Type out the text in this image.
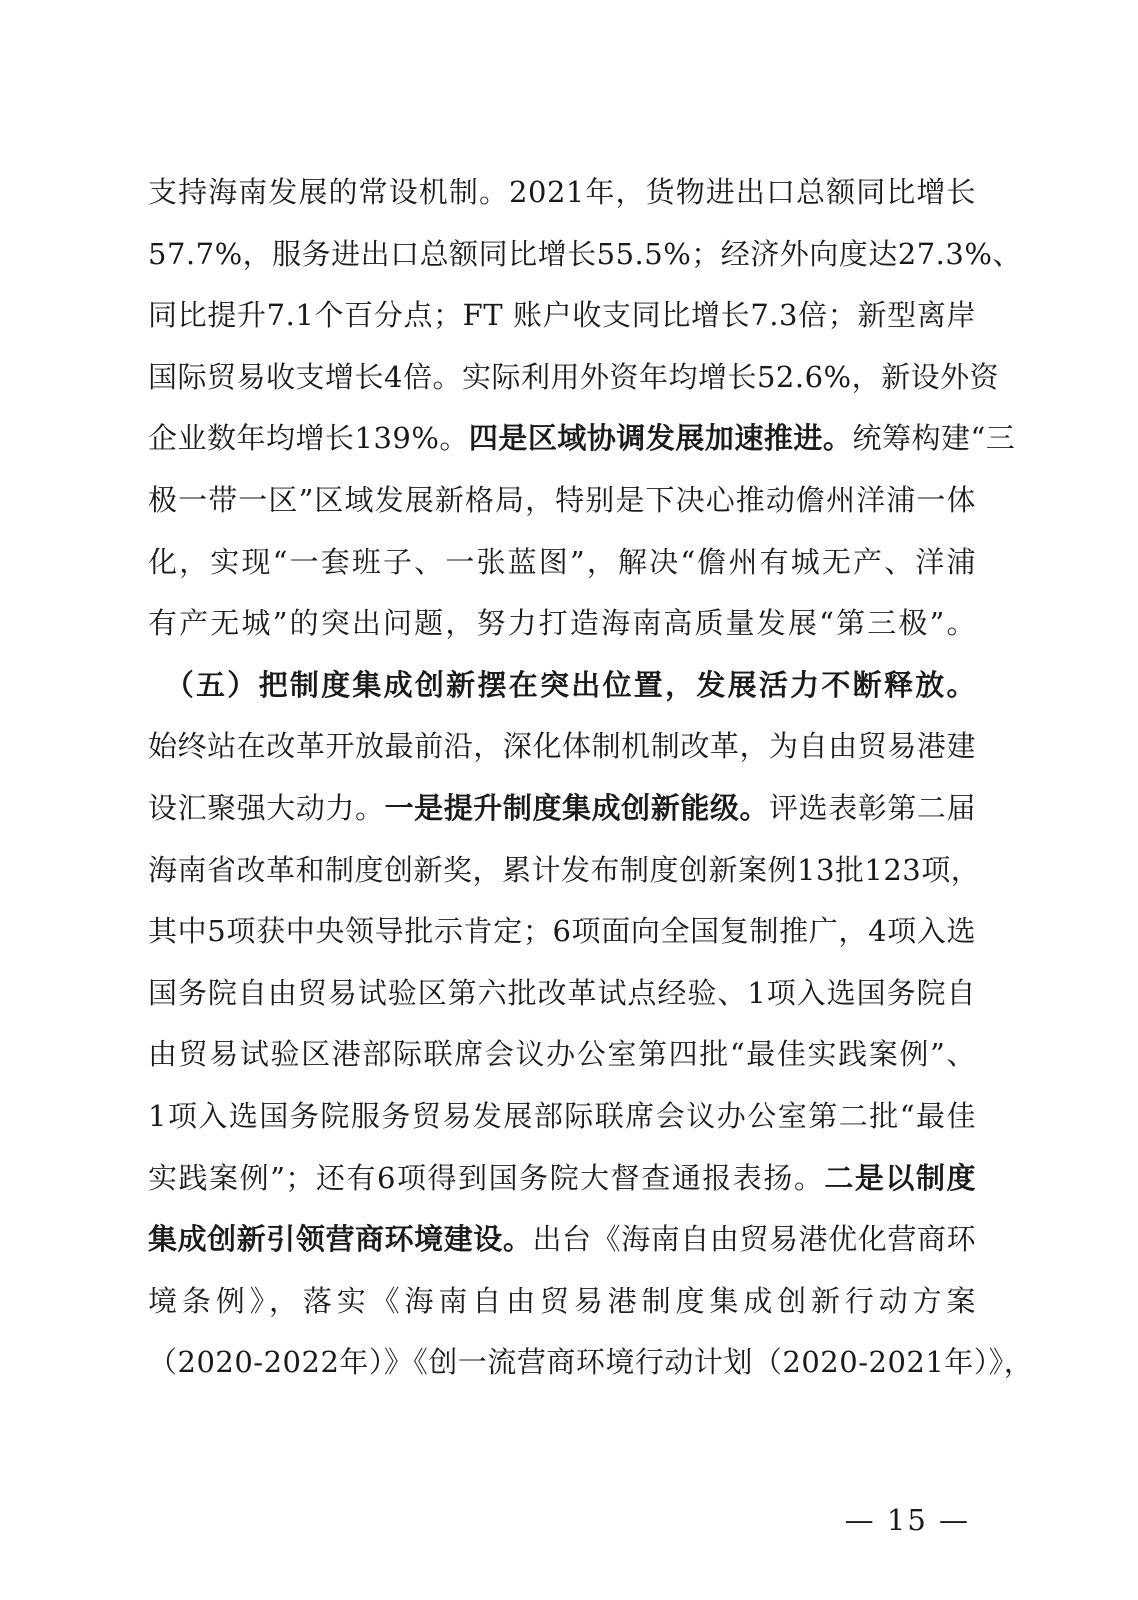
支持海南发展的常设机制。2021年，货物进出口总额同比增长
57.7%，服务进出口总额同比增长55.5%；经济外向度达27.3%、
同比提升7.1个百分点；FT 账户收支同比增长7.3倍；新型离岸
国际贸易收支增长4倍。实际利用外资年均增长52.6%，新设外资
企业数年均增长139%。四是区域协调发展加速推进。统筹构建“三
极一带一区”区域发展新格局，特别是下决心推动儋州洋浦一体
化，实现“一套班子、一张蓝图”，解决“儋州有城无产、洋浦
有产无城”的突出问题，努力打造海南高质量发展“第三极”。
　（五）把制度集成创新摆在突出位置，发展活力不断释放。
始终站在改革开放最前沿，深化体制机制改革，为自由贸易港建
设汇聚强大动力。一是提升制度集成创新能级。评选表彰第二届
海南省改革和制度创新奖，累计发布制度创新案例13批123项，
其中5项获中央领导批示肯定；6项面向全国复制推广，4项入选
国务院自由贸易试验区第六批改革试点经验、1项入选国务院自
由贸易试验区港部际联席会议办公室第四批“最佳实践案例”、
1项入选国务院服务贸易发展部际联席会议办公室第二批“最佳
实践案例”；还有6项得到国务院大督查通报表扬。二是以制度
集成创新引领营商环境建设。出台《海南自由贸易港优化营商环
境条例》，落实《海南自由贸易港制度集成创新行动方案
（2020-2022年）》《创一流营商环境行动计划（2020-2021年）》，
— 15 —
